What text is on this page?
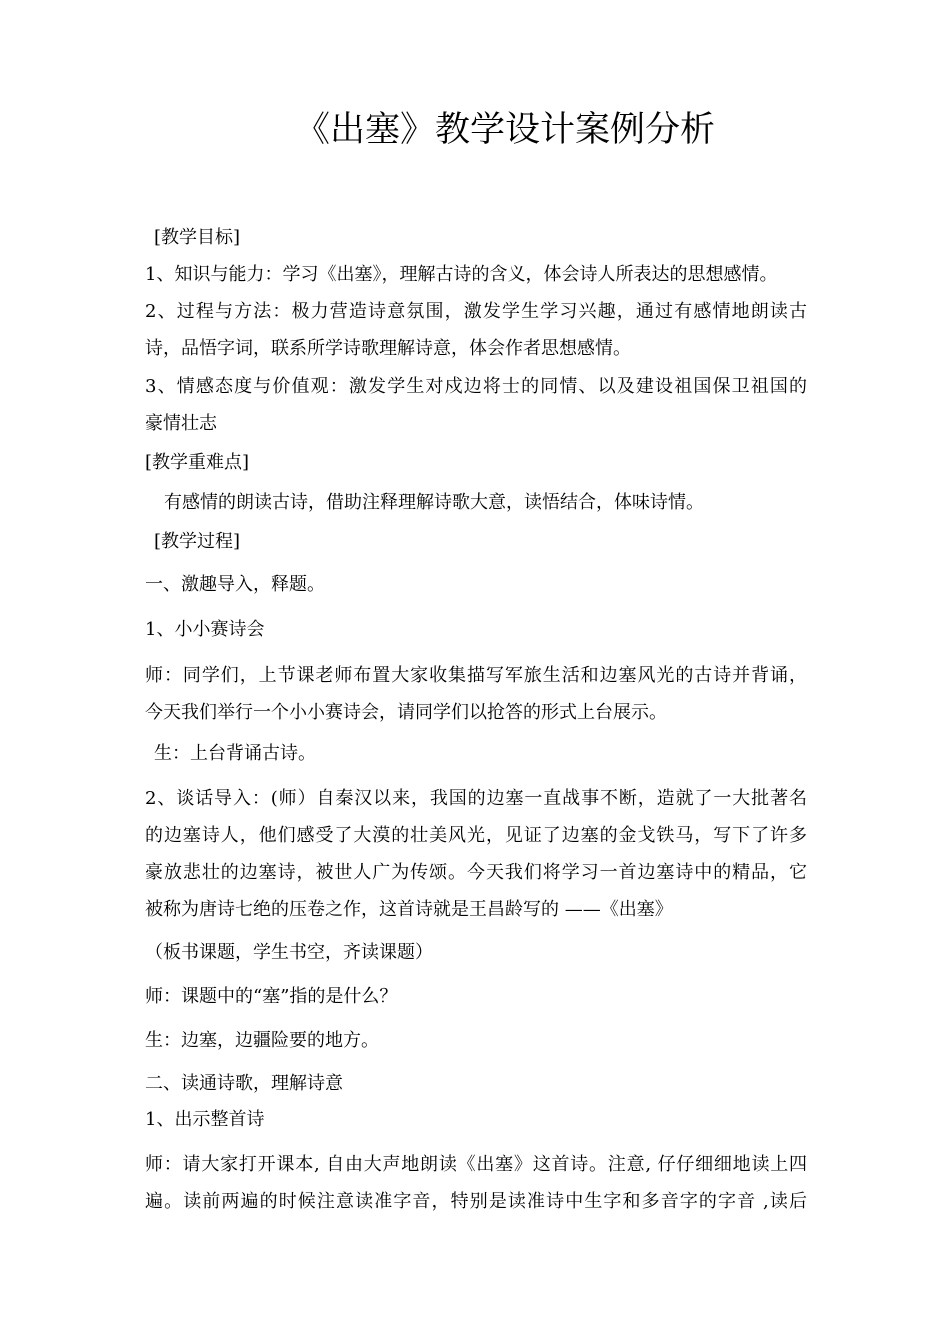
《出塞》教学设计案例分析

[教学目标]

1、知识与能力：学习《出塞》，理解古诗的含义，体会诗人所表达的思想感情。

2、过程与方法：极力营造诗意氛围，激发学生学习兴趣，通过有感情地朗读古

诗，品悟字词，联系所学诗歌理解诗意，体会作者思想感情。

3、情感态度与价值观：激发学生对戍边将士的同情、以及建设祖国保卫祖国的

豪情壮志

[教学重难点]

有感情的朗读古诗，借助注释理解诗歌大意，读悟结合，体味诗情。

[教学过程]

一、激趣导入，释题。

1、小小赛诗会

师：同学们，上节课老师布置大家收集描写军旅生活和边塞风光的古诗并背诵，

今天我们举行一个小小赛诗会，请同学们以抢答的形式上台展示。

生：上台背诵古诗。

2、谈话导入：(师）自秦汉以来，我国的边塞一直战事不断，造就了一大批著名

的边塞诗人，他们感受了大漠的壮美风光，见证了边塞的金戈铁马，写下了许多

豪放悲壮的边塞诗，被世人广为传颂。今天我们将学习一首边塞诗中的精品，它

被称为唐诗七绝的压卷之作，这首诗就是王昌龄写的 ——《出塞》

（板书课题，学生书空，齐读课题）

师：课题中的“塞”指的是什么？

生：边塞，边疆险要的地方。

二、读通诗歌，理解诗意

1、出示整首诗

师：请大家打开课本, 自由大声地朗读《出塞》这首诗。注意, 仔仔细细地读上四

遍。读前两遍的时候注意读准字音，特别是读准诗中生字和多音字的字音 ,读后
